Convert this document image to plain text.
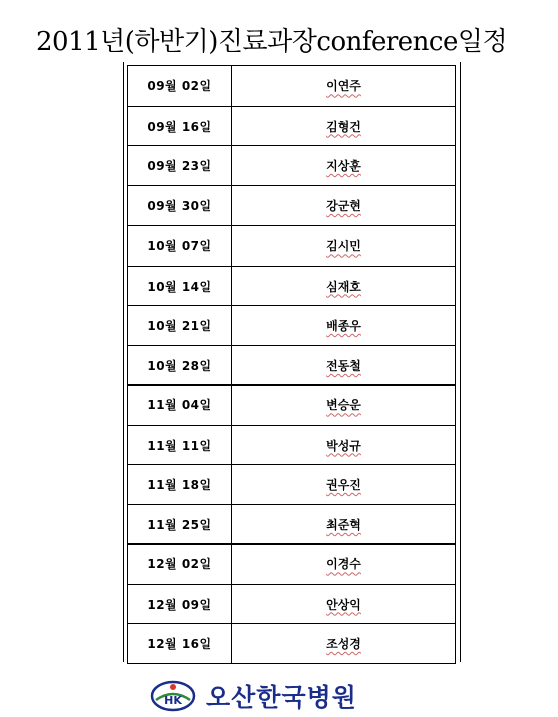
2011년(하반기)진료과장conference일정
09월 02일	이연주
09월 16일	김형건
09월 23일	지상훈
09월 30일	강군현
10월 07일	김시민
10월 14일	심재호
10월 21일	배종우
10월 28일	전동철
11월 04일	변승운
11월 11일	박성규
11월 18일	권우진
11월 25일	최준혁
12월 02일	이경수
12월 09일	안상익
12월 16일	조성경
HK 오산한국병원
